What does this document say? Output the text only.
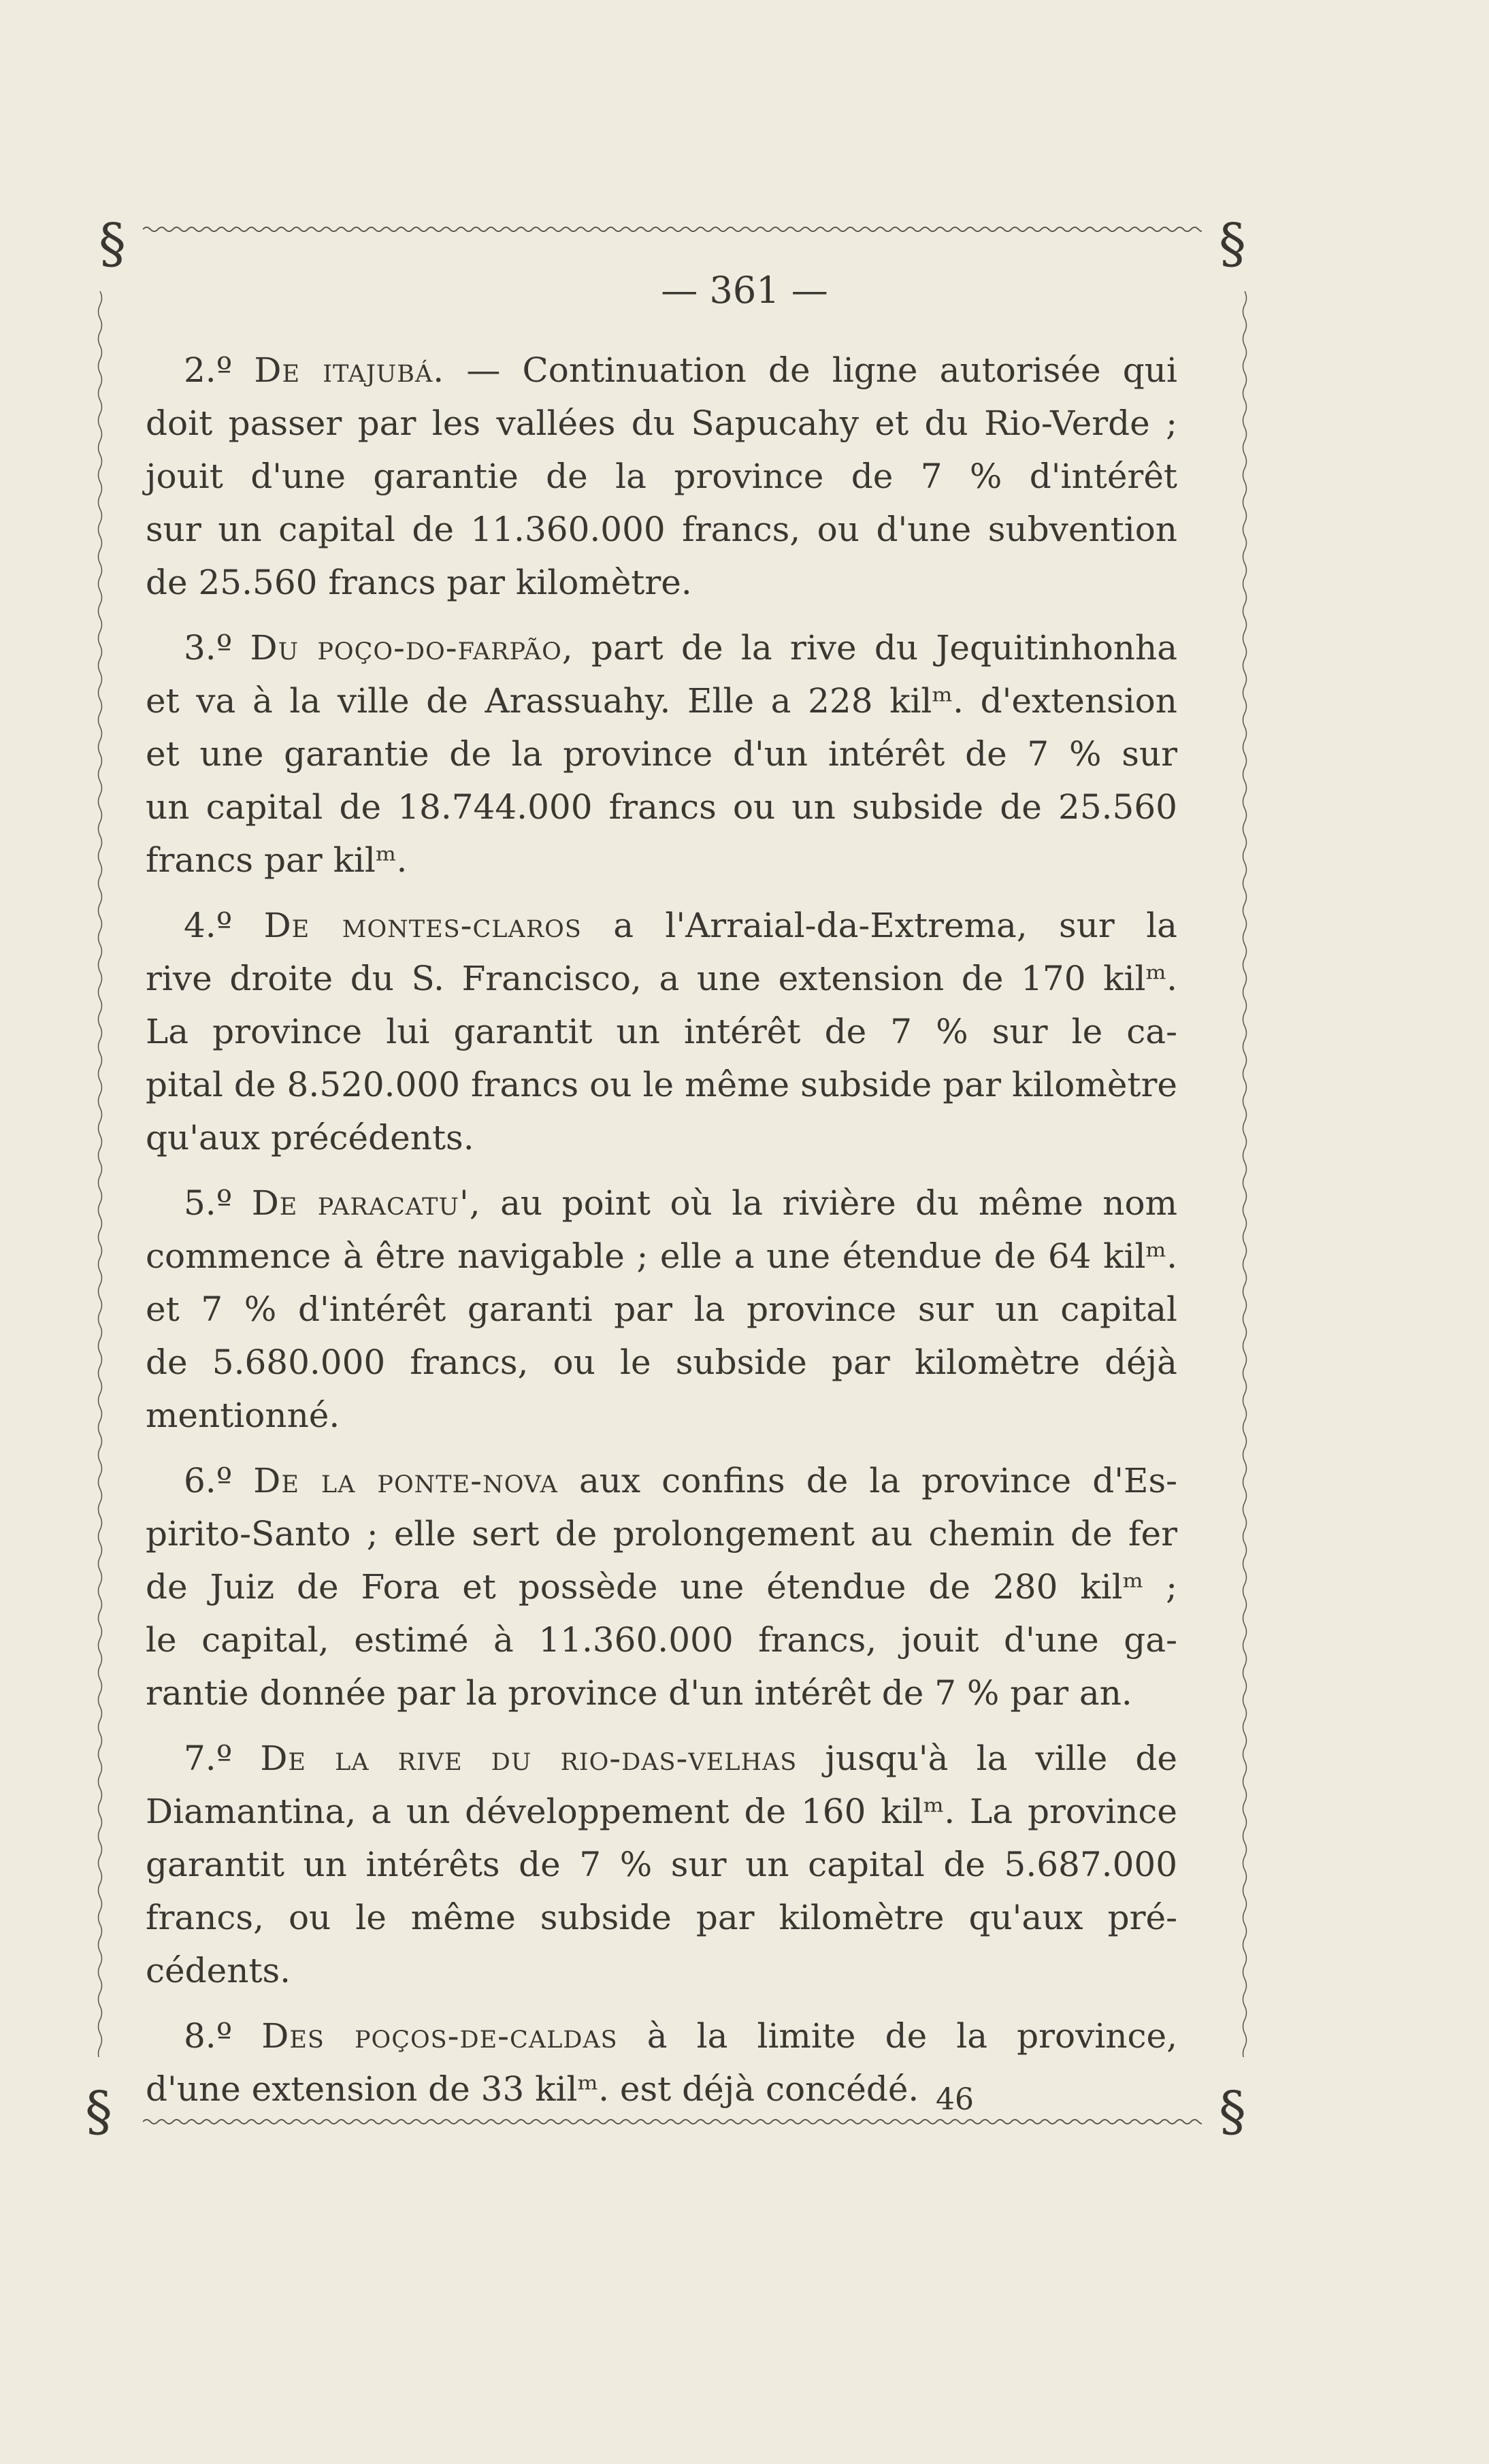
§	§
§	§
— 361 —
2.º De itajubá. — Continuation de ligne autorisée qui
doit passer par les vallées du Sapucahy et du Rio-Verde ;
jouit d'une garantie de la province de 7 % d'intérêt
sur un capital de 11.360.000 francs, ou d'une subvention
de 25.560 francs par kilomètre.
3.º Du poço-do-farpão, part de la rive du Jequitinhonha
et va à la ville de Arassuahy. Elle a 228 kilᵐ. d'extension
et une garantie de la province d'un intérêt de 7 % sur
un capital de 18.744.000 francs ou un subside de 25.560
francs par kilᵐ.
4.º De montes-claros a l'Arraial-da-Extrema, sur la
rive droite du S. Francisco, a une extension de 170 kilᵐ.
La province lui garantit un intérêt de 7 % sur le ca-
pital de 8.520.000 francs ou le même subside par kilomètre
qu'aux précédents.
5.º De paracatu', au point où la rivière du même nom
commence à être navigable ; elle a une étendue de 64 kilᵐ.
et 7 % d'intérêt garanti par la province sur un capital
de 5.680.000 francs, ou le subside par kilomètre déjà
mentionné.
6.º De la ponte-nova aux confins de la province d'Es-
pirito-Santo ; elle sert de prolongement au chemin de fer
de Juiz de Fora et possède une étendue de 280 kilᵐ ;
le capital, estimé à 11.360.000 francs, jouit d'une ga-
rantie donnée par la province d'un intérêt de 7 % par an.
7.º De la rive du rio-das-velhas jusqu'à la ville de
Diamantina, a un développement de 160 kilᵐ. La province
garantit un intérêts de 7 % sur un capital de 5.687.000
francs, ou le même subside par kilomètre qu'aux pré-
cédents.
8.º Des poços-de-caldas à la limite de la province,
d'une extension de 33 kilᵐ. est déjà concédé. 46
